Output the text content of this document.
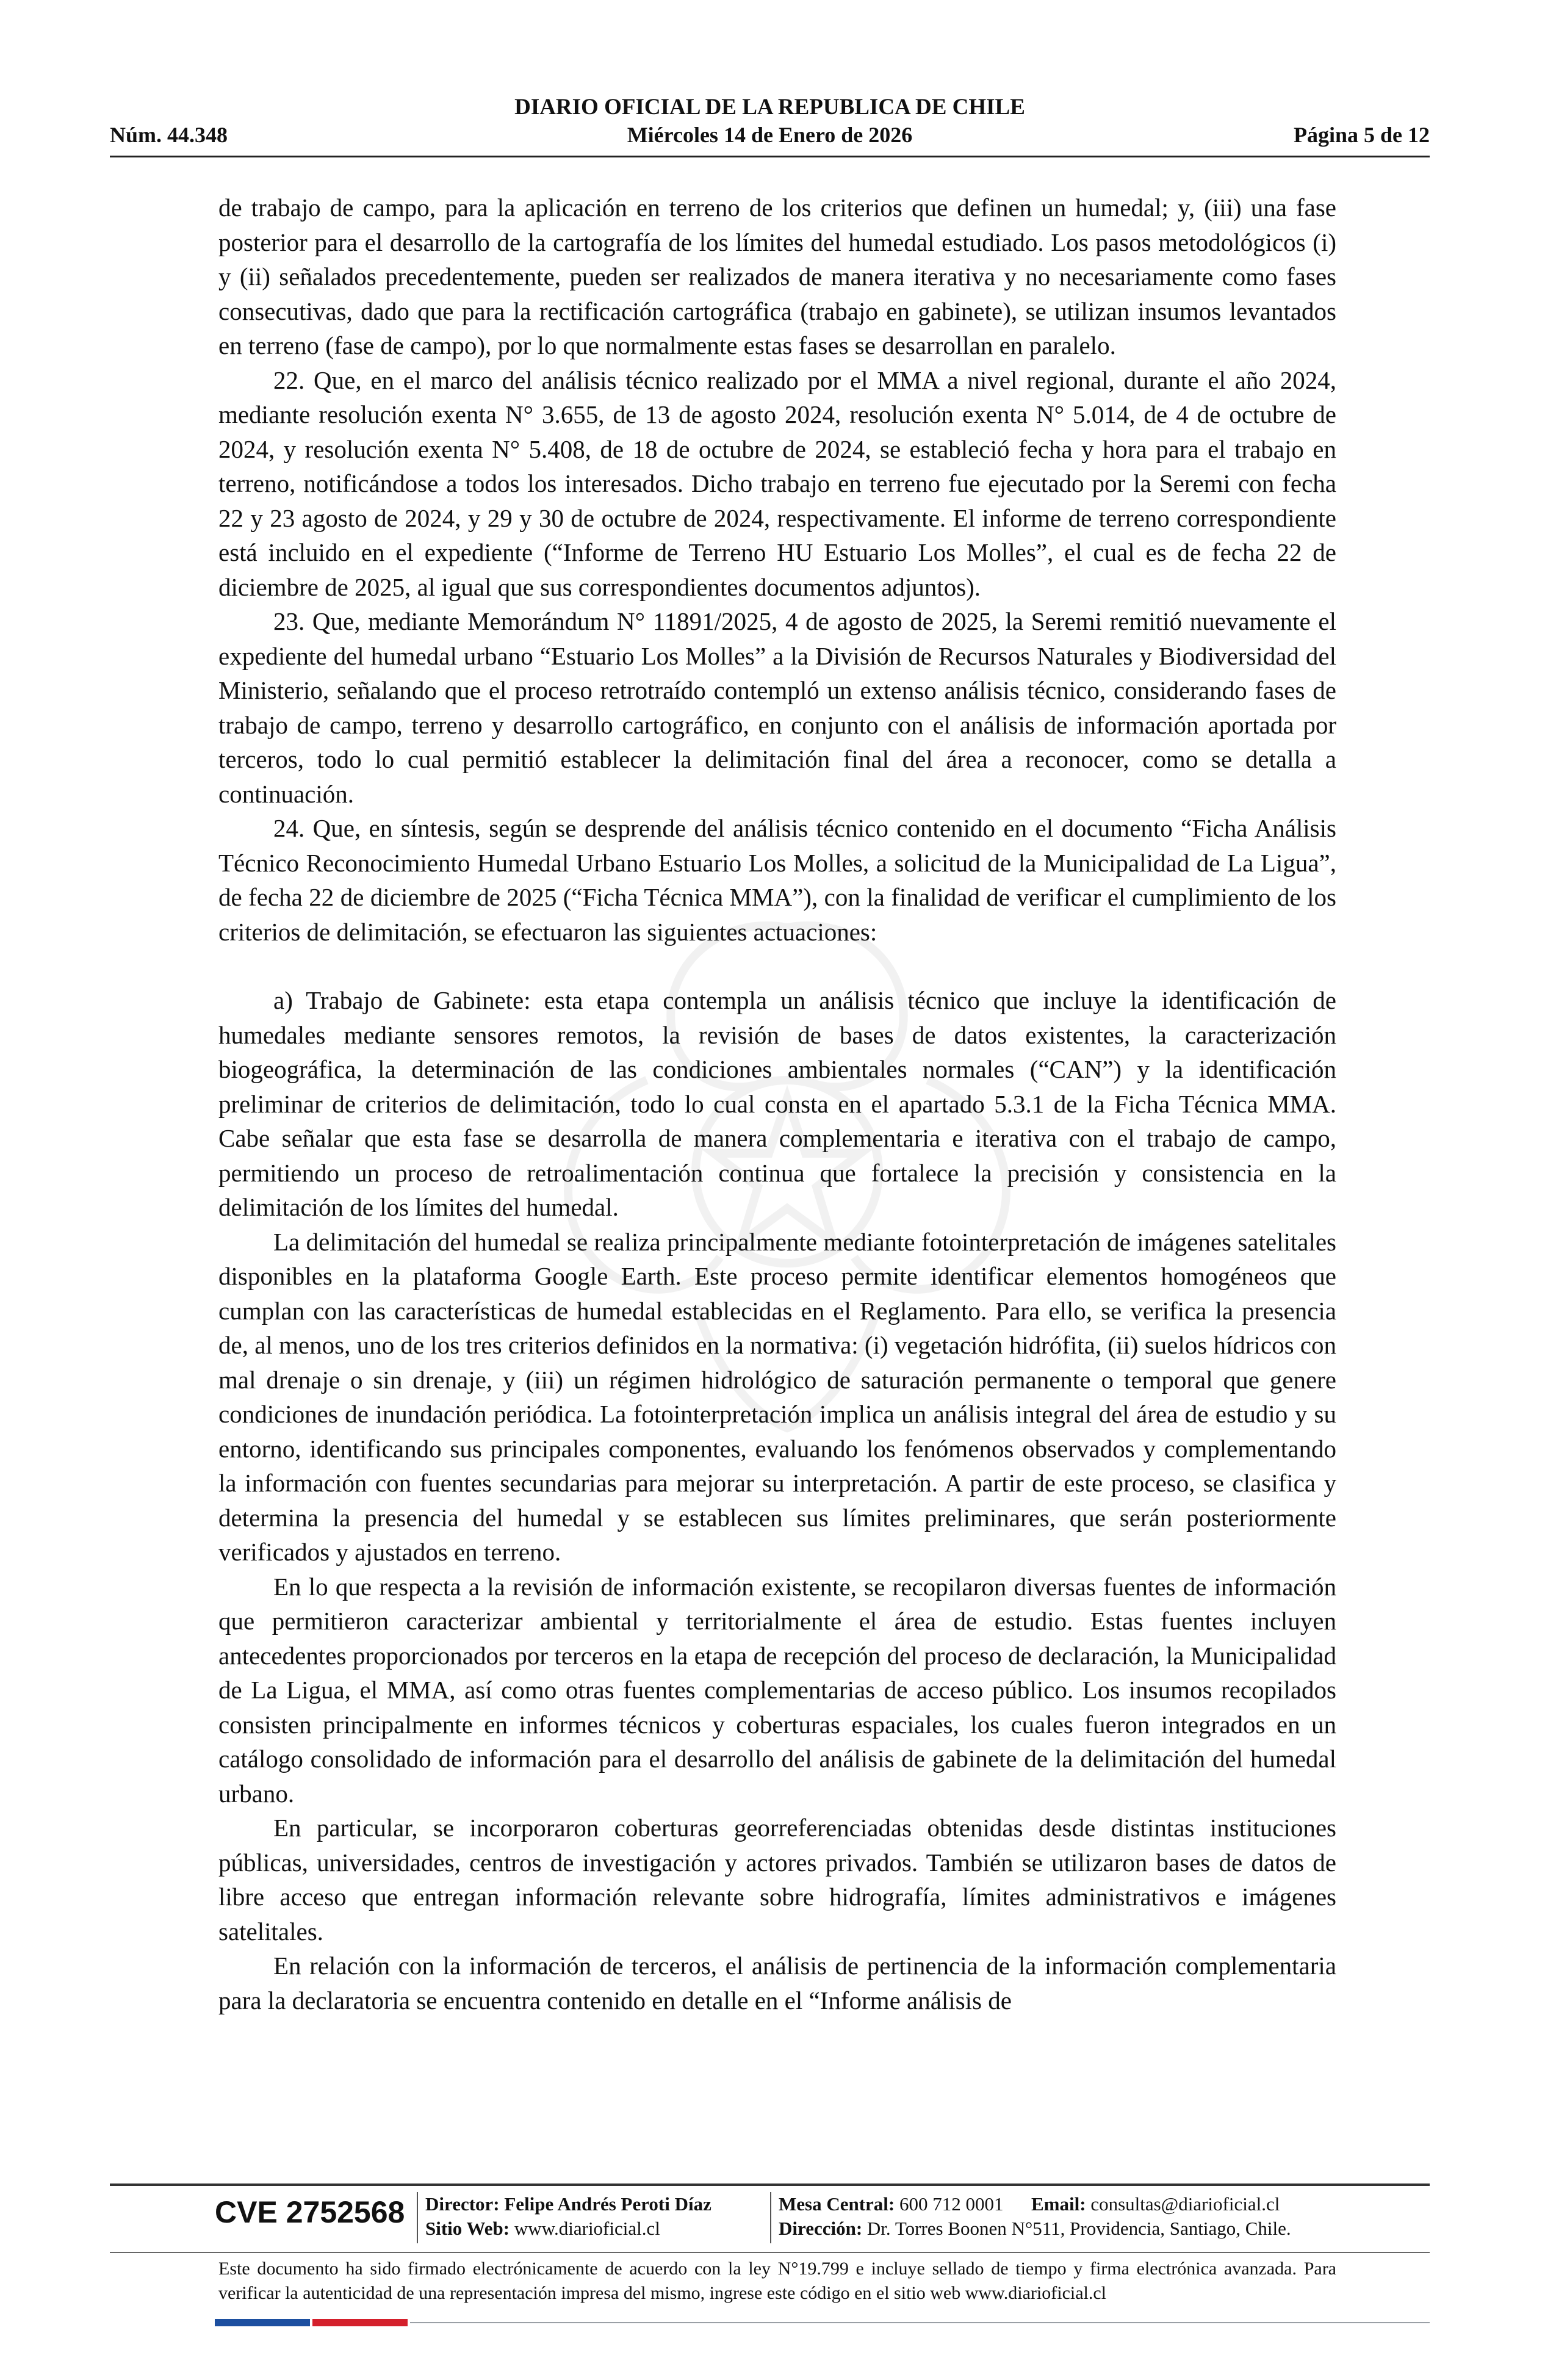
DIARIO OFICIAL DE LA REPUBLICA DE CHILE
Núm. 44.348	Miércoles 14 de Enero de 2026	Página 5 de 12

de trabajo de campo, para la aplicación en terreno de los criterios que definen un humedal; y, (iii) una fase posterior para el desarrollo de la cartografía de los límites del humedal estudiado. Los pasos metodológicos (i) y (ii) señalados precedentemente, pueden ser realizados de manera iterativa y no necesariamente como fases consecutivas, dado que para la rectificación cartográfica (trabajo en gabinete), se utilizan insumos levantados en terreno (fase de campo), por lo que normalmente estas fases se desarrollan en paralelo.

22. Que, en el marco del análisis técnico realizado por el MMA a nivel regional, durante el año 2024, mediante resolución exenta N° 3.655, de 13 de agosto 2024, resolución exenta N° 5.014, de 4 de octubre de 2024, y resolución exenta N° 5.408, de 18 de octubre de 2024, se estableció fecha y hora para el trabajo en terreno, notificándose a todos los interesados. Dicho trabajo en terreno fue ejecutado por la Seremi con fecha 22 y 23 agosto de 2024, y 29 y 30 de octubre de 2024, respectivamente. El informe de terreno correspondiente está incluido en el expediente (“Informe de Terreno HU Estuario Los Molles”, el cual es de fecha 22 de diciembre de 2025, al igual que sus correspondientes documentos adjuntos).

23. Que, mediante Memorándum N° 11891/2025, 4 de agosto de 2025, la Seremi remitió nuevamente el expediente del humedal urbano “Estuario Los Molles” a la División de Recursos Naturales y Biodiversidad del Ministerio, señalando que el proceso retrotraído contempló un extenso análisis técnico, considerando fases de trabajo de campo, terreno y desarrollo cartográfico, en conjunto con el análisis de información aportada por terceros, todo lo cual permitió establecer la delimitación final del área a reconocer, como se detalla a continuación.

24. Que, en síntesis, según se desprende del análisis técnico contenido en el documento “Ficha Análisis Técnico Reconocimiento Humedal Urbano Estuario Los Molles, a solicitud de la Municipalidad de La Ligua”, de fecha 22 de diciembre de 2025 (“Ficha Técnica MMA”), con la finalidad de verificar el cumplimiento de los criterios de delimitación, se efectuaron las siguientes actuaciones:

a) Trabajo de Gabinete: esta etapa contempla un análisis técnico que incluye la identificación de humedales mediante sensores remotos, la revisión de bases de datos existentes, la caracterización biogeográfica, la determinación de las condiciones ambientales normales (“CAN”) y la identificación preliminar de criterios de delimitación, todo lo cual consta en el apartado 5.3.1 de la Ficha Técnica MMA. Cabe señalar que esta fase se desarrolla de manera complementaria e iterativa con el trabajo de campo, permitiendo un proceso de retroalimentación continua que fortalece la precisión y consistencia en la delimitación de los límites del humedal.

La delimitación del humedal se realiza principalmente mediante fotointerpretación de imágenes satelitales disponibles en la plataforma Google Earth. Este proceso permite identificar elementos homogéneos que cumplan con las características de humedal establecidas en el Reglamento. Para ello, se verifica la presencia de, al menos, uno de los tres criterios definidos en la normativa: (i) vegetación hidrófita, (ii) suelos hídricos con mal drenaje o sin drenaje, y (iii) un régimen hidrológico de saturación permanente o temporal que genere condiciones de inundación periódica. La fotointerpretación implica un análisis integral del área de estudio y su entorno, identificando sus principales componentes, evaluando los fenómenos observados y complementando la información con fuentes secundarias para mejorar su interpretación. A partir de este proceso, se clasifica y determina la presencia del humedal y se establecen sus límites preliminares, que serán posteriormente verificados y ajustados en terreno.

En lo que respecta a la revisión de información existente, se recopilaron diversas fuentes de información que permitieron caracterizar ambiental y territorialmente el área de estudio. Estas fuentes incluyen antecedentes proporcionados por terceros en la etapa de recepción del proceso de declaración, la Municipalidad de La Ligua, el MMA, así como otras fuentes complementarias de acceso público. Los insumos recopilados consisten principalmente en informes técnicos y coberturas espaciales, los cuales fueron integrados en un catálogo consolidado de información para el desarrollo del análisis de gabinete de la delimitación del humedal urbano.

En particular, se incorporaron coberturas georreferenciadas obtenidas desde distintas instituciones públicas, universidades, centros de investigación y actores privados. También se utilizaron bases de datos de libre acceso que entregan información relevante sobre hidrografía, límites administrativos e imágenes satelitales.

En relación con la información de terceros, el análisis de pertinencia de la información complementaria para la declaratoria se encuentra contenido en detalle en el “Informe análisis de

CVE 2752568 Director: Felipe Andrés Peroti Díaz
Sitio Web: www.diarioficial.cl
Mesa Central: 600 712 0001 Email: consultas@diarioficial.cl
Dirección: Dr. Torres Boonen N°511, Providencia, Santiago, Chile.
Este documento ha sido firmado electrónicamente de acuerdo con la ley N°19.799 e incluye sellado de tiempo y firma electrónica avanzada. Para verificar la autenticidad de una representación impresa del mismo, ingrese este código en el sitio web www.diarioficial.cl
